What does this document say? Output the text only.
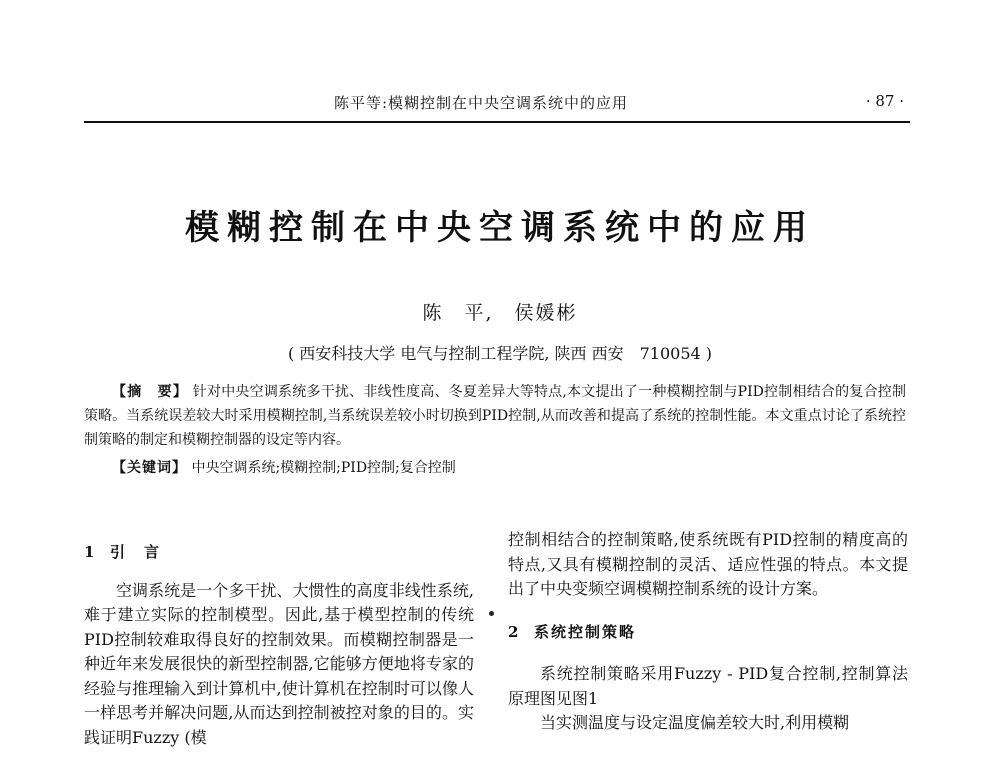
陈平等:模糊控制在中央空调系统中的应用	· 87 ·
模糊控制在中央空调系统中的应用
陈　平,　侯媛彬
( 西安科技大学 电气与控制工程学院, 陕西 西安　710054 )
【摘　要】 针对中央空调系统多干扰、非线性度高、冬夏差异大等特点,本文提出了一种模糊控制与PID控制相结合的复合控制策略。当系统误差较大时采用模糊控制,当系统误差较小时切换到PID控制,从而改善和提高了系统的控制性能。本文重点讨论了系统控制策略的制定和模糊控制器的设定等内容。
【关键词】 中央空调系统;模糊控制;PID控制;复合控制
1 引　言

空调系统是一个多干扰、大惯性的高度非线性系统,难于建立实际的控制模型。因此,基于模型控制的传统PID控制较难取得良好的控制效果。而模糊控制器是一种近年来发展很快的新型控制器,它能够方便地将专家的经验与推理输入到计算机中,使计算机在控制时可以像人一样思考并解决问题,从而达到控制被控对象的目的。实践证明Fuzzy (模

控制相结合的控制策略,使系统既有PID控制的精度高的特点,又具有模糊控制的灵活、适应性强的特点。本文提出了中央变频空调模糊控制系统的设计方案。

2 系统控制策略

系统控制策略采用Fuzzy - PID复合控制,控制算法原理图见图1

当实测温度与设定温度偏差较大时,利用模糊
